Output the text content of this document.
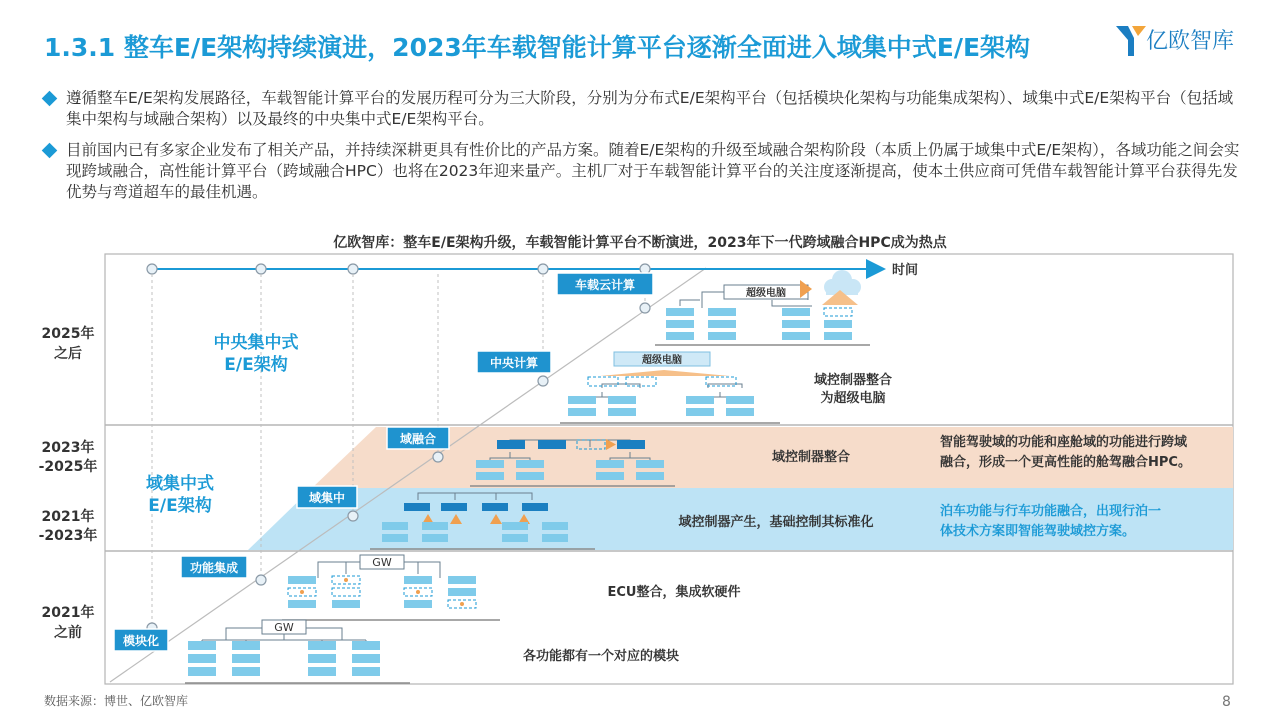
1.3.1 整车E/E架构持续演进，2023年车载智能计算平台逐渐全面进入域集中式E/E架构	亿欧智库
遵循整车E/E架构发展路径，车载智能计算平台的发展历程可分为三大阶段，分别为分布式E/E架构平台（包括模块化架构与功能集成架构）、域集中式E/E架构平台（包括域集中架构与域融合架构）以及最终的中央集中式E/E架构平台。
目前国内已有多家企业发布了相关产品，并持续深耕更具有性价比的产品方案。随着E/E架构的升级至域融合架构阶段（本质上仍属于域集中式E/E架构），各域功能之间会实现跨域融合，高性能计算平台（跨域融合HPC）也将在2023年迎来量产。主机厂对于车载智能计算平台的关注度逐渐提高，使本土供应商可凭借车载智能计算平台获得先发优势与弯道超车的最佳机遇。
亿欧智库：整车E/E架构升级，车载智能计算平台不断演进，2023年下一代跨域融合HPC成为热点
时间
2025年
之后
2023年
-2025年
2021年
-2023年
2021年
之前
中央集中式
E/E架构
域集中式
E/E架构
模块化
功能集成
域集中
域融合
中央计算
车载云计算
各功能都有一个对应的模块
ECU整合，集成软硬件
域控制器产生，基础控制其标准化
域控制器整合
域控制器整合
为超级电脑
智能驾驶域的功能和座舱域的功能进行跨域
融合，形成一个更高性能的舱驾融合HPC。
泊车功能与行车功能融合，出现行泊一
体技术方案即智能驾驶域控方案。
GW
GW
超级电脑
超级电脑
数据来源：博世、亿欧智库	8
